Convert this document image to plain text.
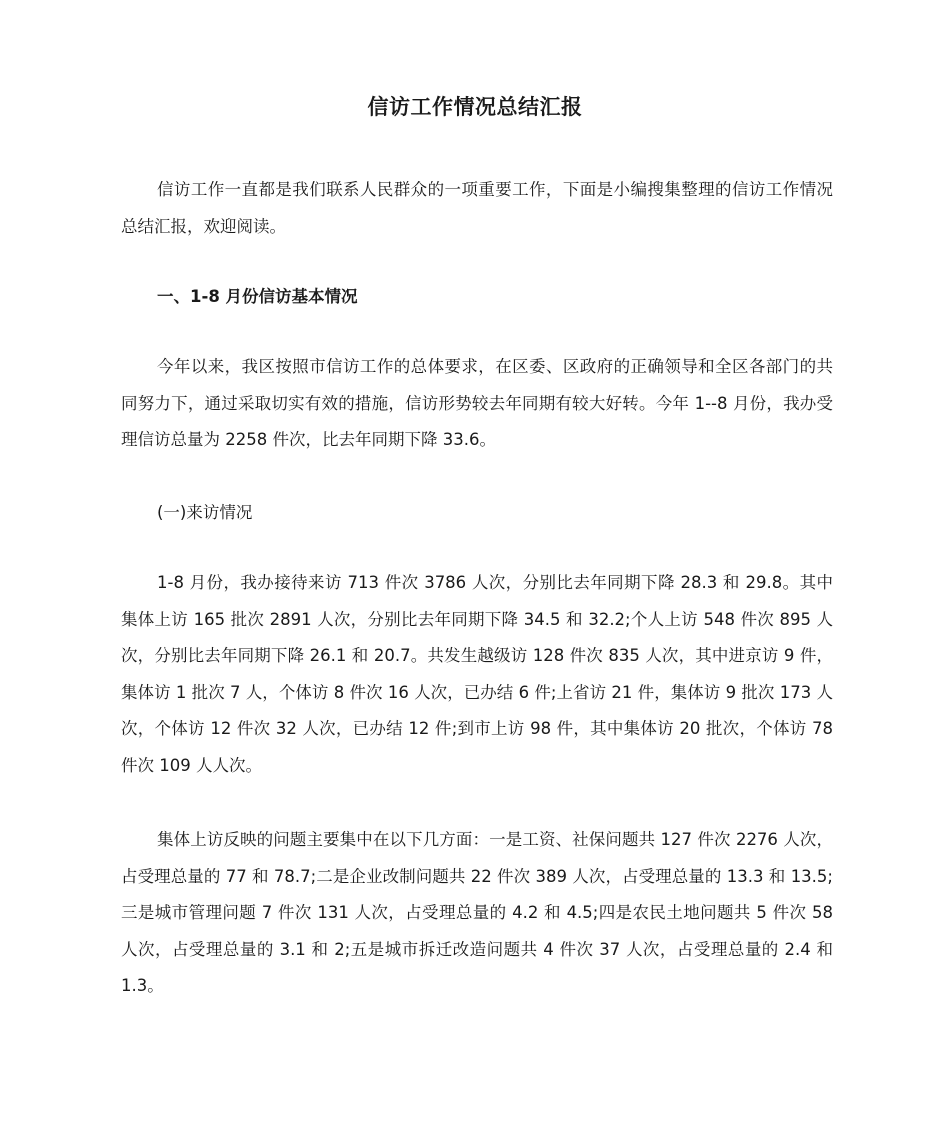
信访工作情况总结汇报

信访工作一直都是我们联系人民群众的一项重要工作，下面是小编搜集整理的信访工作情况总结汇报，欢迎阅读。

一、1-8 月份信访基本情况

今年以来，我区按照市信访工作的总体要求，在区委、区政府的正确领导和全区各部门的共同努力下，通过采取切实有效的措施，信访形势较去年同期有较大好转。今年 1--8 月份，我办受理信访总量为 2258 件次，比去年同期下降 33.6。

(一)来访情况

1-8 月份，我办接待来访 713 件次 3786 人次，分别比去年同期下降 28.3 和 29.8。其中集体上访 165 批次 2891 人次，分别比去年同期下降 34.5 和 32.2;个人上访 548 件次 895 人次，分别比去年同期下降 26.1 和 20.7。共发生越级访 128 件次 835 人次，其中进京访 9 件，集体访 1 批次 7 人，个体访 8 件次 16 人次，已办结 6 件;上省访 21 件，集体访 9 批次 173 人次，个体访 12 件次 32 人次，已办结 12 件;到市上访 98 件，其中集体访 20 批次，个体访 78 件次 109 人人次。

集体上访反映的问题主要集中在以下几方面：一是工资、社保问题共 127 件次 2276 人次，占受理总量的 77 和 78.7;二是企业改制问题共 22 件次 389 人次，占受理总量的 13.3 和 13.5;三是城市管理问题 7 件次 131 人次，占受理总量的 4.2 和 4.5;四是农民土地问题共 5 件次 58 人次，占受理总量的 3.1 和 2;五是城市拆迁改造问题共 4 件次 37 人次，占受理总量的 2.4 和 1.3。
